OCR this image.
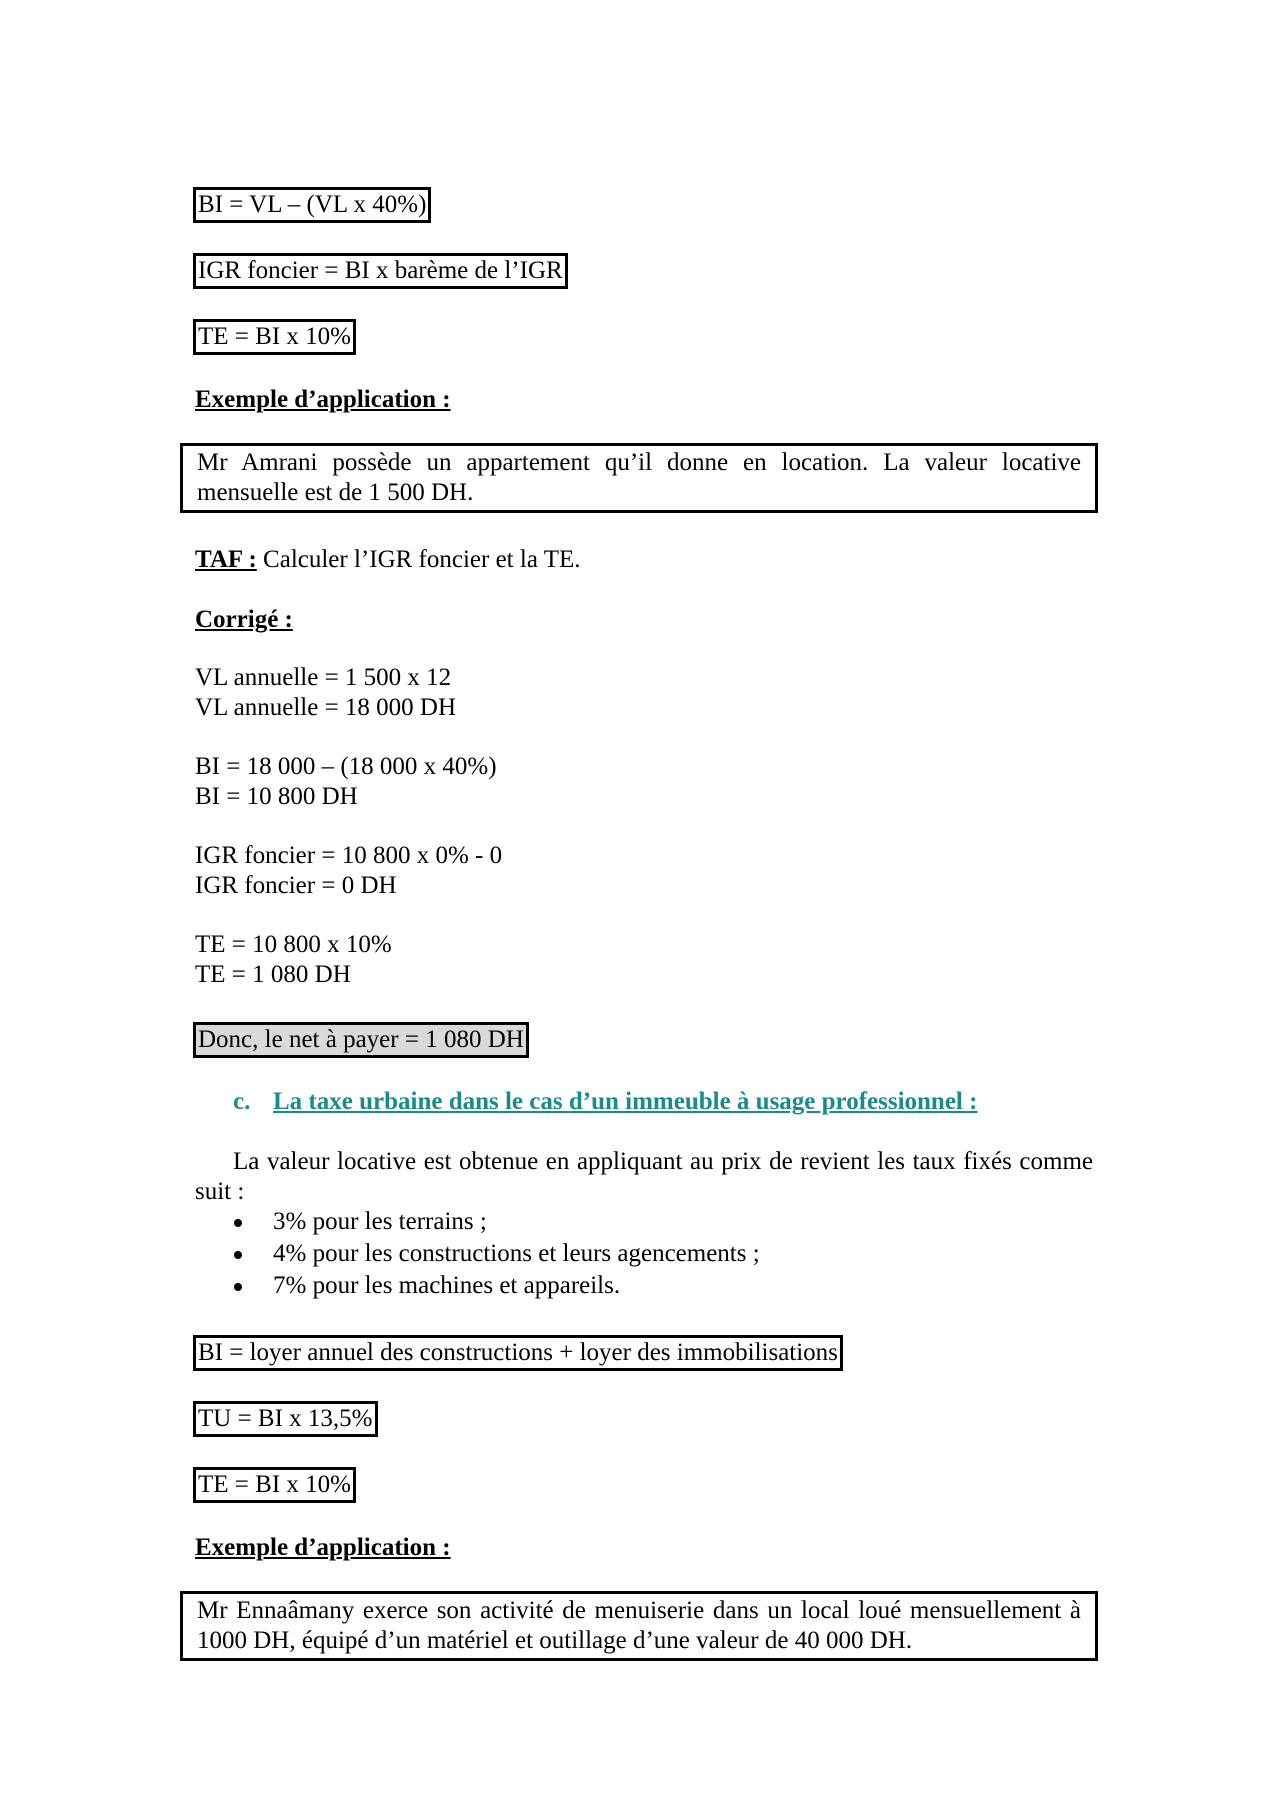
BI = VL – (VL x 40%)
IGR foncier = BI x barème de l’IGR
TE = BI x 10%
Exemple d’application :
Mr Amrani possède un appartement qu’il donne en location. La valeur locative mensuelle est de 1 500 DH.
TAF : Calculer l’IGR foncier et la TE.
Corrigé :
VL annuelle = 1 500 x 12
VL annuelle = 18 000 DH
BI = 18 000 – (18 000 x 40%)
BI = 10 800 DH
IGR foncier = 10 800 x 0% - 0
IGR foncier = 0 DH
TE = 10 800 x 10%
TE = 1 080 DH
Donc, le net à payer = 1 080 DH
c. La taxe urbaine dans le cas d’un immeuble à usage professionnel :
La valeur locative est obtenue en appliquant au prix de revient les taux fixés comme suit :
3% pour les terrains ;
4% pour les constructions et leurs agencements ;
7% pour les machines et appareils.
BI = loyer annuel des constructions + loyer des immobilisations
TU = BI x 13,5%
TE = BI x 10%
Exemple d’application :
Mr Ennaâmany exerce son activité de menuiserie dans un local loué mensuellement à 1000 DH, équipé d’un matériel et outillage d’une valeur de 40 000 DH.
